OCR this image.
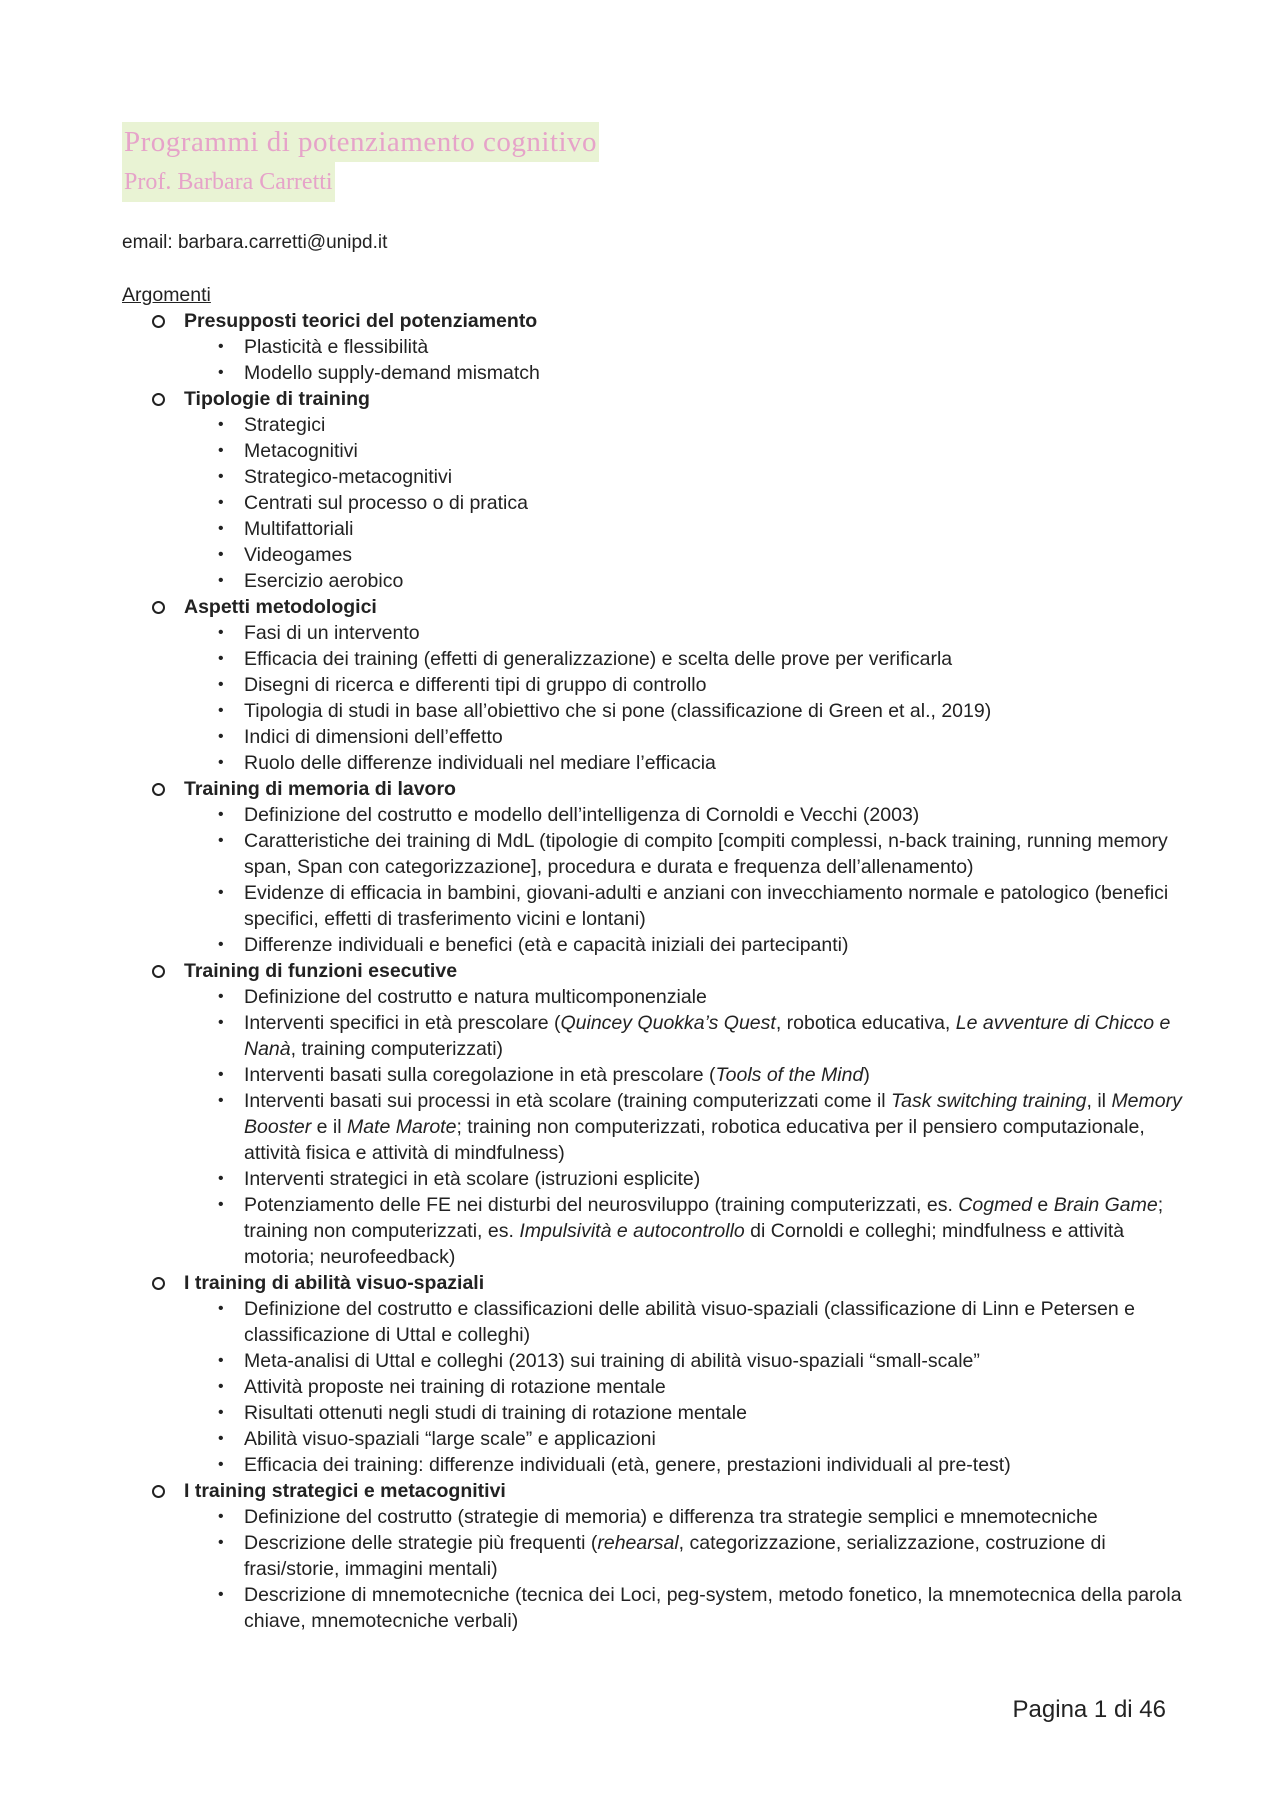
Programmi di potenziamento cognitivo
Prof. Barbara Carretti
email: barbara.carretti@unipd.it
Argomenti
Presupposti teorici del potenziamento
• Plasticità e flessibilità
• Modello supply-demand mismatch
Tipologie di training
• Strategici
• Metacognitivi
• Strategico-metacognitivi
• Centrati sul processo o di pratica
• Multifattoriali
• Videogames
• Esercizio aerobico
Aspetti metodologici
• Fasi di un intervento
• Efficacia dei training (effetti di generalizzazione) e scelta delle prove per verificarla
• Disegni di ricerca e differenti tipi di gruppo di controllo
• Tipologia di studi in base all’obiettivo che si pone (classificazione di Green et al., 2019)
• Indici di dimensioni dell’effetto
• Ruolo delle differenze individuali nel mediare l’efficacia
Training di memoria di lavoro
• Definizione del costrutto e modello dell’intelligenza di Cornoldi e Vecchi (2003)
• Caratteristiche dei training di MdL (tipologie di compito [compiti complessi, n-back training, running memory span, Span con categorizzazione], procedura e durata e frequenza dell’allenamento)
• Evidenze di efficacia in bambini, giovani-adulti e anziani con invecchiamento normale e patologico (benefici specifici, effetti di trasferimento vicini e lontani)
• Differenze individuali e benefici (età e capacità iniziali dei partecipanti)
Training di funzioni esecutive
• Definizione del costrutto e natura multicomponenziale
• Interventi specifici in età prescolare (Quincey Quokka’s Quest, robotica educativa, Le avventure di Chicco e Nanà, training computerizzati)
• Interventi basati sulla coregolazione in età prescolare (Tools of the Mind)
• Interventi basati sui processi in età scolare (training computerizzati come il Task switching training, il Memory Booster e il Mate Marote; training non computerizzati, robotica educativa per il pensiero computazionale, attività fisica e attività di mindfulness)
• Interventi strategici in età scolare (istruzioni esplicite)
• Potenziamento delle FE nei disturbi del neurosviluppo (training computerizzati, es. Cogmed e Brain Game; training non computerizzati, es. Impulsività e autocontrollo di Cornoldi e colleghi; mindfulness e attività motoria; neurofeedback)
I training di abilità visuo-spaziali
• Definizione del costrutto e classificazioni delle abilità visuo-spaziali (classificazione di Linn e Petersen e classificazione di Uttal e colleghi)
• Meta-analisi di Uttal e colleghi (2013) sui training di abilità visuo-spaziali “small-scale”
• Attività proposte nei training di rotazione mentale
• Risultati ottenuti negli studi di training di rotazione mentale
• Abilità visuo-spaziali “large scale” e applicazioni
• Efficacia dei training: differenze individuali (età, genere, prestazioni individuali al pre-test)
I training strategici e metacognitivi
• Definizione del costrutto (strategie di memoria) e differenza tra strategie semplici e mnemotecniche
• Descrizione delle strategie più frequenti (rehearsal, categorizzazione, serializzazione, costruzione di frasi/storie, immagini mentali)
• Descrizione di mnemotecniche (tecnica dei Loci, peg-system, metodo fonetico, la mnemotecnica della parola chiave, mnemotecniche verbali)
Pagina 1 di 46
